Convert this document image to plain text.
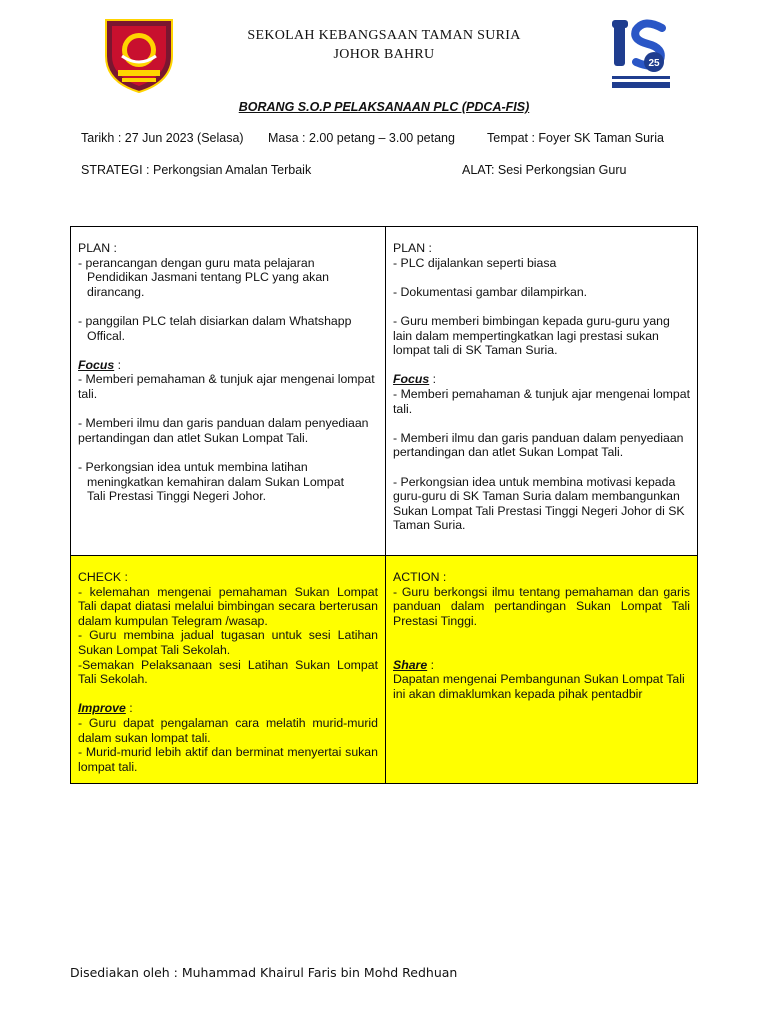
SEKOLAH KEBANGSAAN TAMAN SURIA
JOHOR BAHRU
25
BORANG S.O.P PELAKSANAAN PLC (PDCA-FIS)
Tarikh : 27 Jun 2023 (Selasa) Masa : 2.00 petang – 3.00 petang	Tempat : Foyer SK Taman Suria
STRATEGI : Perkongsian Amalan Terbaik	ALAT: Sesi Perkongsian Guru

PLAN :

- perancangan dengan guru mata pelajaran

Pendidikan Jasmani tentang PLC yang akan

dirancang.

- panggilan PLC telah disiarkan dalam Whatshapp

Offical.

Focus :

- Memberi pemahaman & tunjuk ajar mengenai lompat tali.

- Memberi ilmu dan garis panduan dalam penyediaan pertandingan dan atlet Sukan Lompat Tali.

- Perkongsian idea untuk membina latihan

meningkatkan kemahiran dalam Sukan Lompat

Tali Prestasi Tinggi Negeri Johor.

PLAN :

- PLC dijalankan seperti biasa

- Dokumentasi gambar dilampirkan.

- Guru memberi bimbingan kepada guru-guru yang lain dalam mempertingkatkan lagi prestasi sukan lompat tali di SK Taman Suria.

Focus :

- Memberi pemahaman & tunjuk ajar mengenai lompat tali.

- Memberi ilmu dan garis panduan dalam penyediaan pertandingan dan atlet Sukan Lompat Tali.

- Perkongsian idea untuk membina motivasi kepada guru-guru di SK Taman Suria dalam membangunkan Sukan Lompat Tali Prestasi Tinggi Negeri Johor di SK Taman Suria.

CHECK :

- kelemahan mengenai pemahaman Sukan Lompat Tali dapat diatasi melalui bimbingan secara berterusan dalam kumpulan Telegram /wasap.

- Guru membina jadual tugasan untuk sesi Latihan Sukan Lompat Tali Sekolah.

-Semakan Pelaksanaan sesi Latihan Sukan Lompat Tali Sekolah.

Improve :

- Guru dapat pengalaman cara melatih murid-murid dalam sukan lompat tali.

- Murid-murid lebih aktif dan berminat menyertai sukan lompat tali.

ACTION :

- Guru berkongsi ilmu tentang pemahaman dan garis panduan dalam pertandingan Sukan Lompat Tali Prestasi Tinggi.

Share :

Dapatan mengenai Pembangunan Sukan Lompat Tali ini akan dimaklumkan kepada pihak pentadbir

Disediakan oleh : Muhammad Khairul Faris bin Mohd Redhuan
